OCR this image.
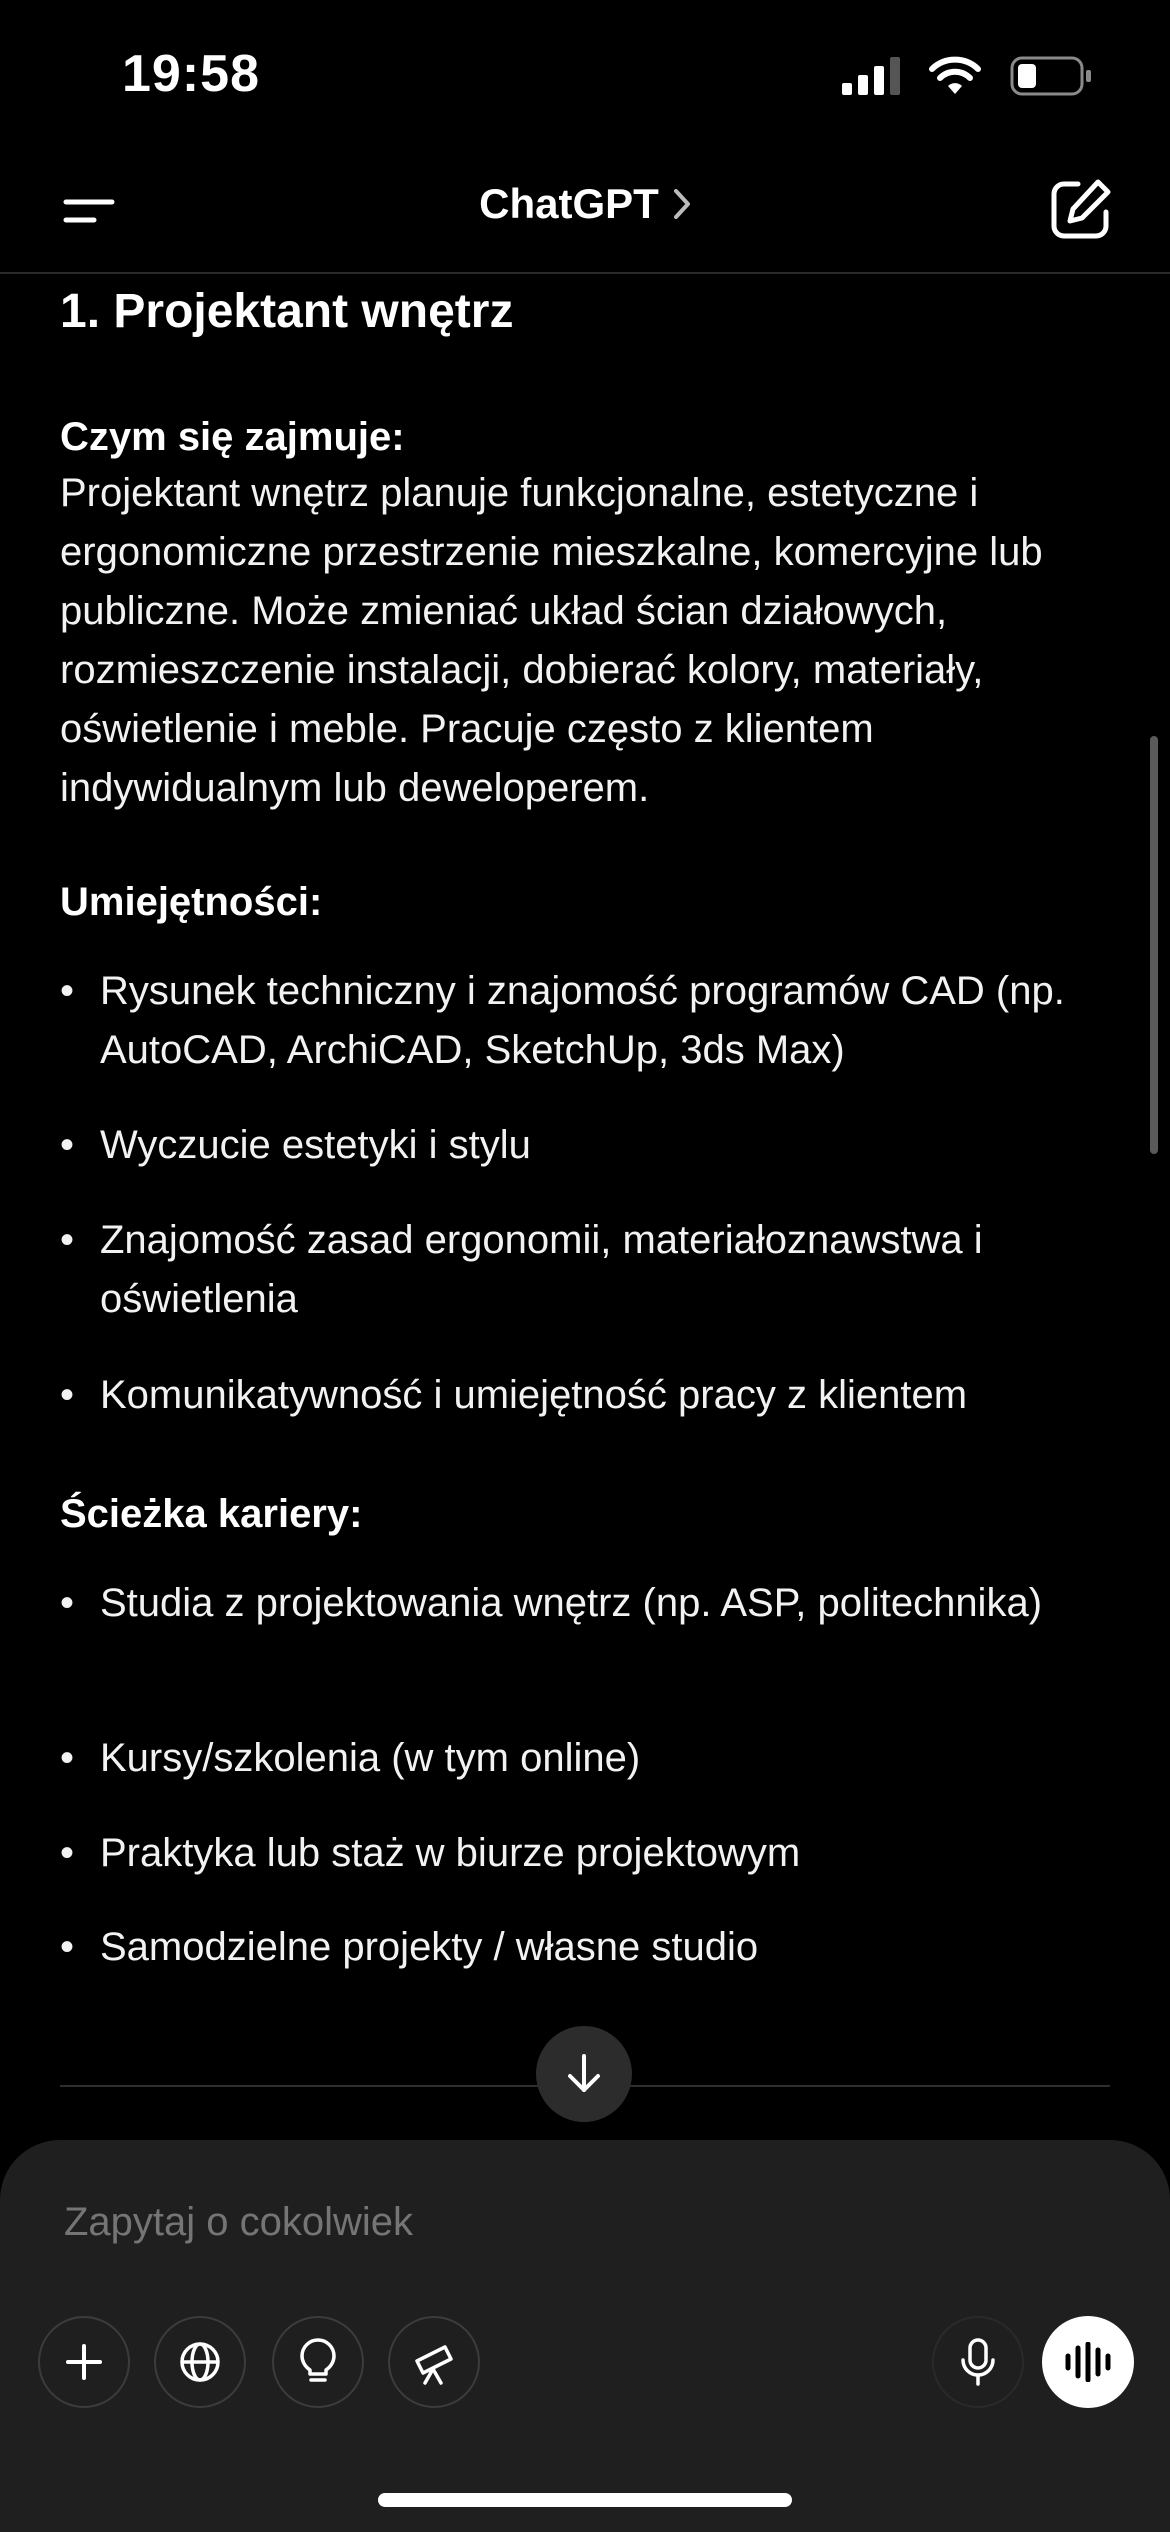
19:58
ChatGPT
1. Projektant wnętrz
Czym się zajmuje:

Projektant wnętrz planuje funkcjonalne, estetyczne i ergonomiczne przestrzenie mieszkalne, komercyjne lub publiczne. Może zmieniać układ ścian działowych, rozmieszczenie instalacji, dobierać kolory, materiały, oświetlenie i meble. Pracuje często z klientem indywidualnym lub deweloperem.

Umiejętności:
• Rysunek techniczny i znajomość programów CAD (np. AutoCAD, ArchiCAD, SketchUp, 3ds Max)
• Wyczucie estetyki i stylu
• Znajomość zasad ergonomii, materiałoznawstwa i oświetlenia
• Komunikatywność i umiejętność pracy z klientem
Ścieżka kariery:
• Studia z projektowania wnętrz (np. ASP, politechnika)
• Kursy/szkolenia (w tym online)
• Praktyka lub staż w biurze projektowym
• Samodzielne projekty / własne studio
Zapytaj o cokolwiek
